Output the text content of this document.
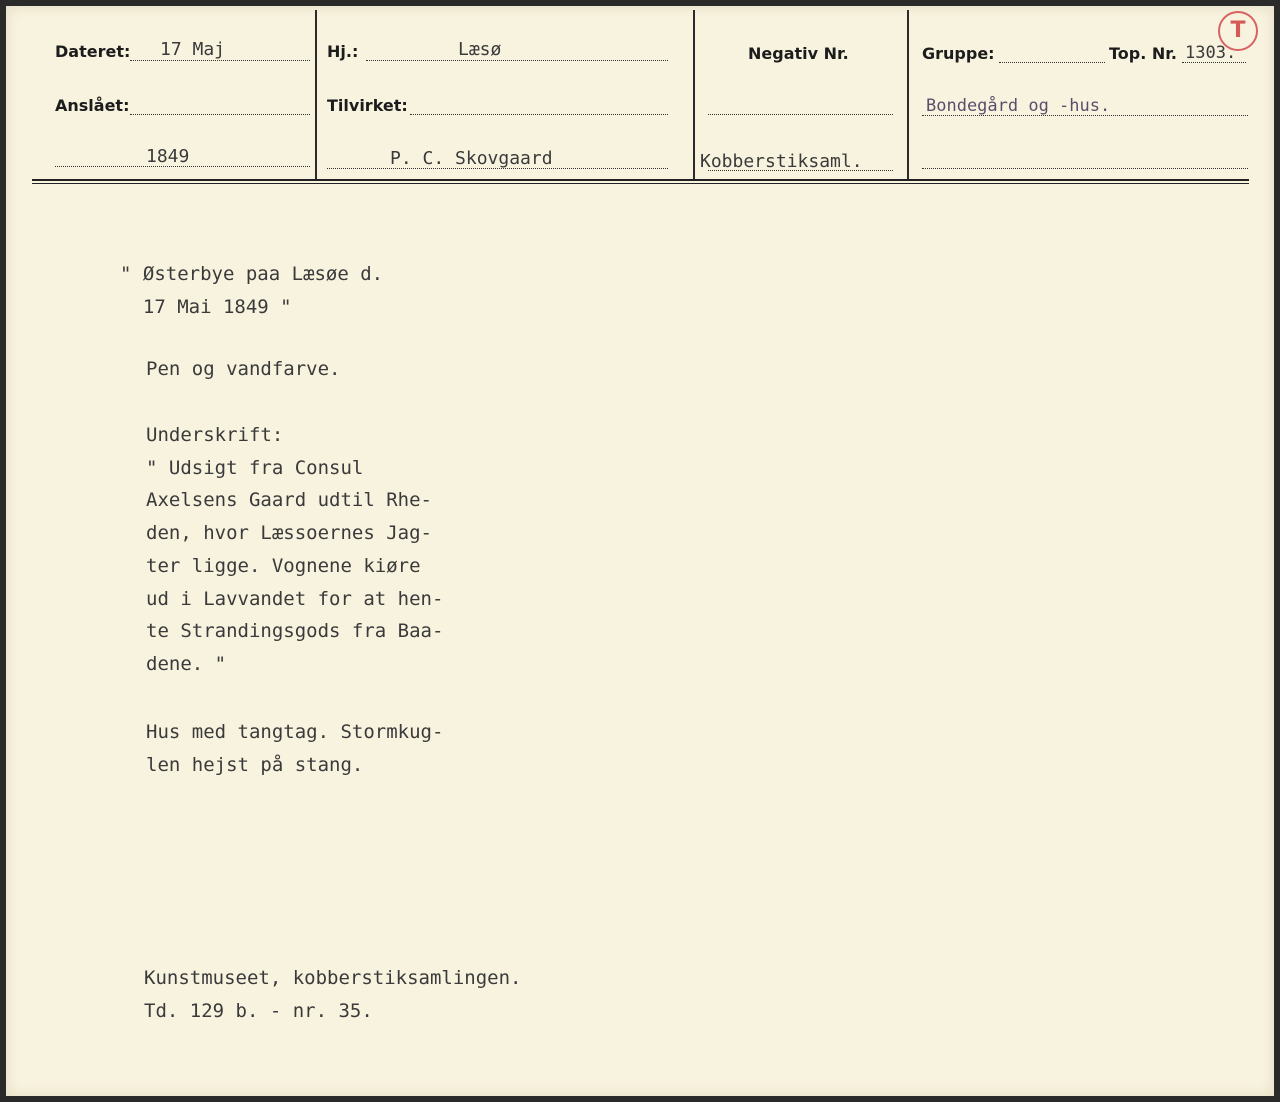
Dateret: 17 Maj
Anslået:
1849
Hj.:	Læsø
Tilvirket:
P. C. Skovgaard
Negativ Nr.
Kobberstiksaml.
Gruppe:	Top. Nr. 1303.
Bondegård og -hus.
T
" Østerbye paa Læsøe d.
17 Mai 1849 "
Pen og vandfarve.
Underskrift:
" Udsigt fra Consul
Axelsens Gaard udtil Rhe-
den, hvor Læssoernes Jag-
ter ligge. Vognene kiøre
ud i Lavvandet for at hen-
te Strandingsgods fra Baa-
dene. "
Hus med tangtag. Stormkug-
len hejst på stang.
Kunstmuseet, kobberstiksamlingen.
Td. 129 b. - nr. 35.
